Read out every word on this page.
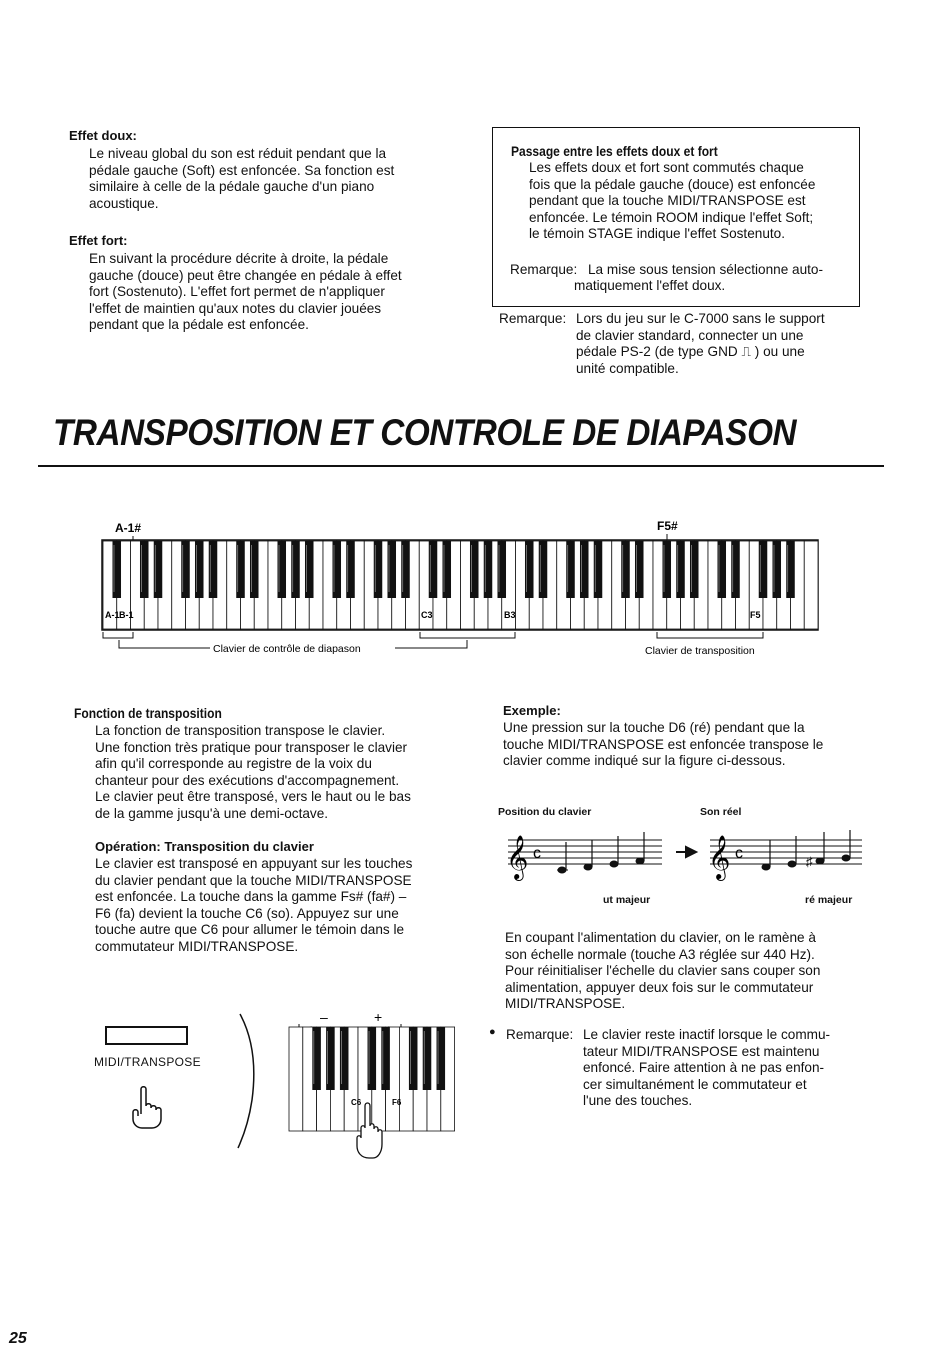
Effet doux:
Le niveau global du son est réduit pendant que la
pédale gauche (Soft) est enfoncée. Sa fonction est
similaire à celle de la pédale gauche d'un piano
acoustique.
Effet fort:
En suivant la procédure décrite à droite, la pédale
gauche (douce) peut être changée en pédale à effet
fort (Sostenuto). L'effet fort permet de n'appliquer
l'effet de maintien qu'aux notes du clavier jouées
pendant que la pédale est enfoncée.
Passage entre les effets doux et fort
Les effets doux et fort sont commutés chaque
fois que la pédale gauche (douce) est enfoncée
pendant que la touche MIDI/TRANSPOSE est
enfoncée. Le témoin ROOM indique l'effet Soft;
le témoin STAGE indique l'effet Sostenuto.
Remarque: La mise sous tension sélectionne auto-
matiquement l'effet doux.
Remarque: Lors du jeu sur le C-7000 sans le support
de clavier standard, connecter un une
pédale PS-2 (de type GND ⎍ ) ou une
unité compatible.
TRANSPOSITION ET CONTROLE DE DIAPASON
A-1#	F5#
A-1 B-1	C3	B3	F5
Clavier de contrôle de diapason	Clavier de transposition
Fonction de transposition
La fonction de transposition transpose le clavier.
Une fonction très pratique pour transposer le clavier
afin qu'il corresponde au registre de la voix du
chanteur pour des exécutions d'accompagnement.
Le clavier peut être transposé, vers le haut ou le bas
de la gamme jusqu'à une demi-octave.
Opération: Transposition du clavier
Le clavier est transposé en appuyant sur les touches
du clavier pendant que la touche MIDI/TRANSPOSE
est enfoncée. La touche dans la gamme Fs# (fa#) –
F6 (fa) devient la touche C6 (so). Appuyez sur une
touche autre que C6 pour allumer le témoin dans le
commutateur MIDI/TRANSPOSE.
Exemple:
Une pression sur la touche D6 (ré) pendant que la
touche MIDI/TRANSPOSE est enfoncée transpose le
clavier comme indiqué sur la figure ci-dessous.
Position du clavier	Son réel
𝄞 c	𝄞 c	♯
ut majeur	ré majeur
En coupant l'alimentation du clavier, on le ramène à
son échelle normale (touche A3 réglée sur 440 Hz).
Pour réinitialiser l'échelle du clavier sans couper son
alimentation, appuyer deux fois sur le commutateur
MIDI/TRANSPOSE.
● Remarque: Le clavier reste inactif lorsque le commu-
tateur MIDI/TRANSPOSE est maintenu
enfoncé. Faire attention à ne pas enfon-
cer simultanément le commutateur et
l'une des touches.
MIDI/TRANSPOSE
–	+
C6	F6
25
